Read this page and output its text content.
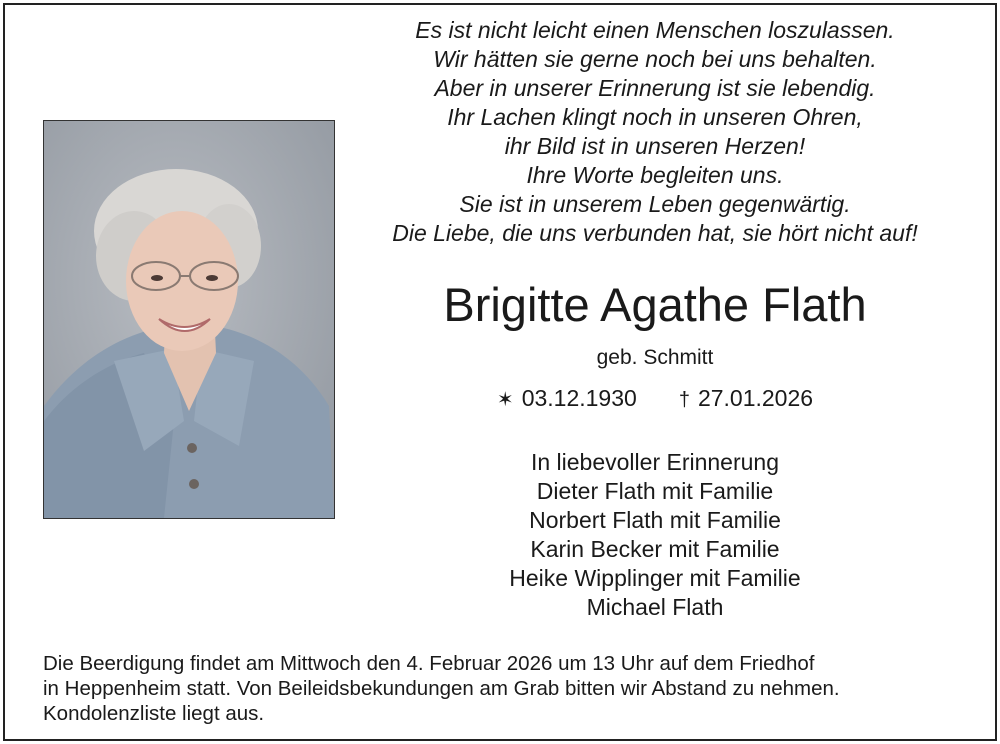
Es ist nicht leicht einen Menschen loszulassen.
Wir hätten sie gerne noch bei uns behalten.
Aber in unserer Erinnerung ist sie lebendig.
Ihr Lachen klingt noch in unseren Ohren,
ihr Bild ist in unseren Herzen!
Ihre Worte begleiten uns.
Sie ist in unserem Leben gegenwärtig.
Die Liebe, die uns verbunden hat, sie hört nicht auf!
Brigitte Agathe Flath
geb. Schmitt
✶ 03.12.1930 † 27.01.2026
In liebevoller Erinnerung
Dieter Flath mit Familie
Norbert Flath mit Familie
Karin Becker mit Familie
Heike Wipplinger mit Familie
Michael Flath
Die Beerdigung findet am Mittwoch den 4. Februar 2026 um 13 Uhr auf dem Friedhof
in Heppenheim statt. Von Beileidsbekundungen am Grab bitten wir Abstand zu nehmen.
Kondolenzliste liegt aus.
